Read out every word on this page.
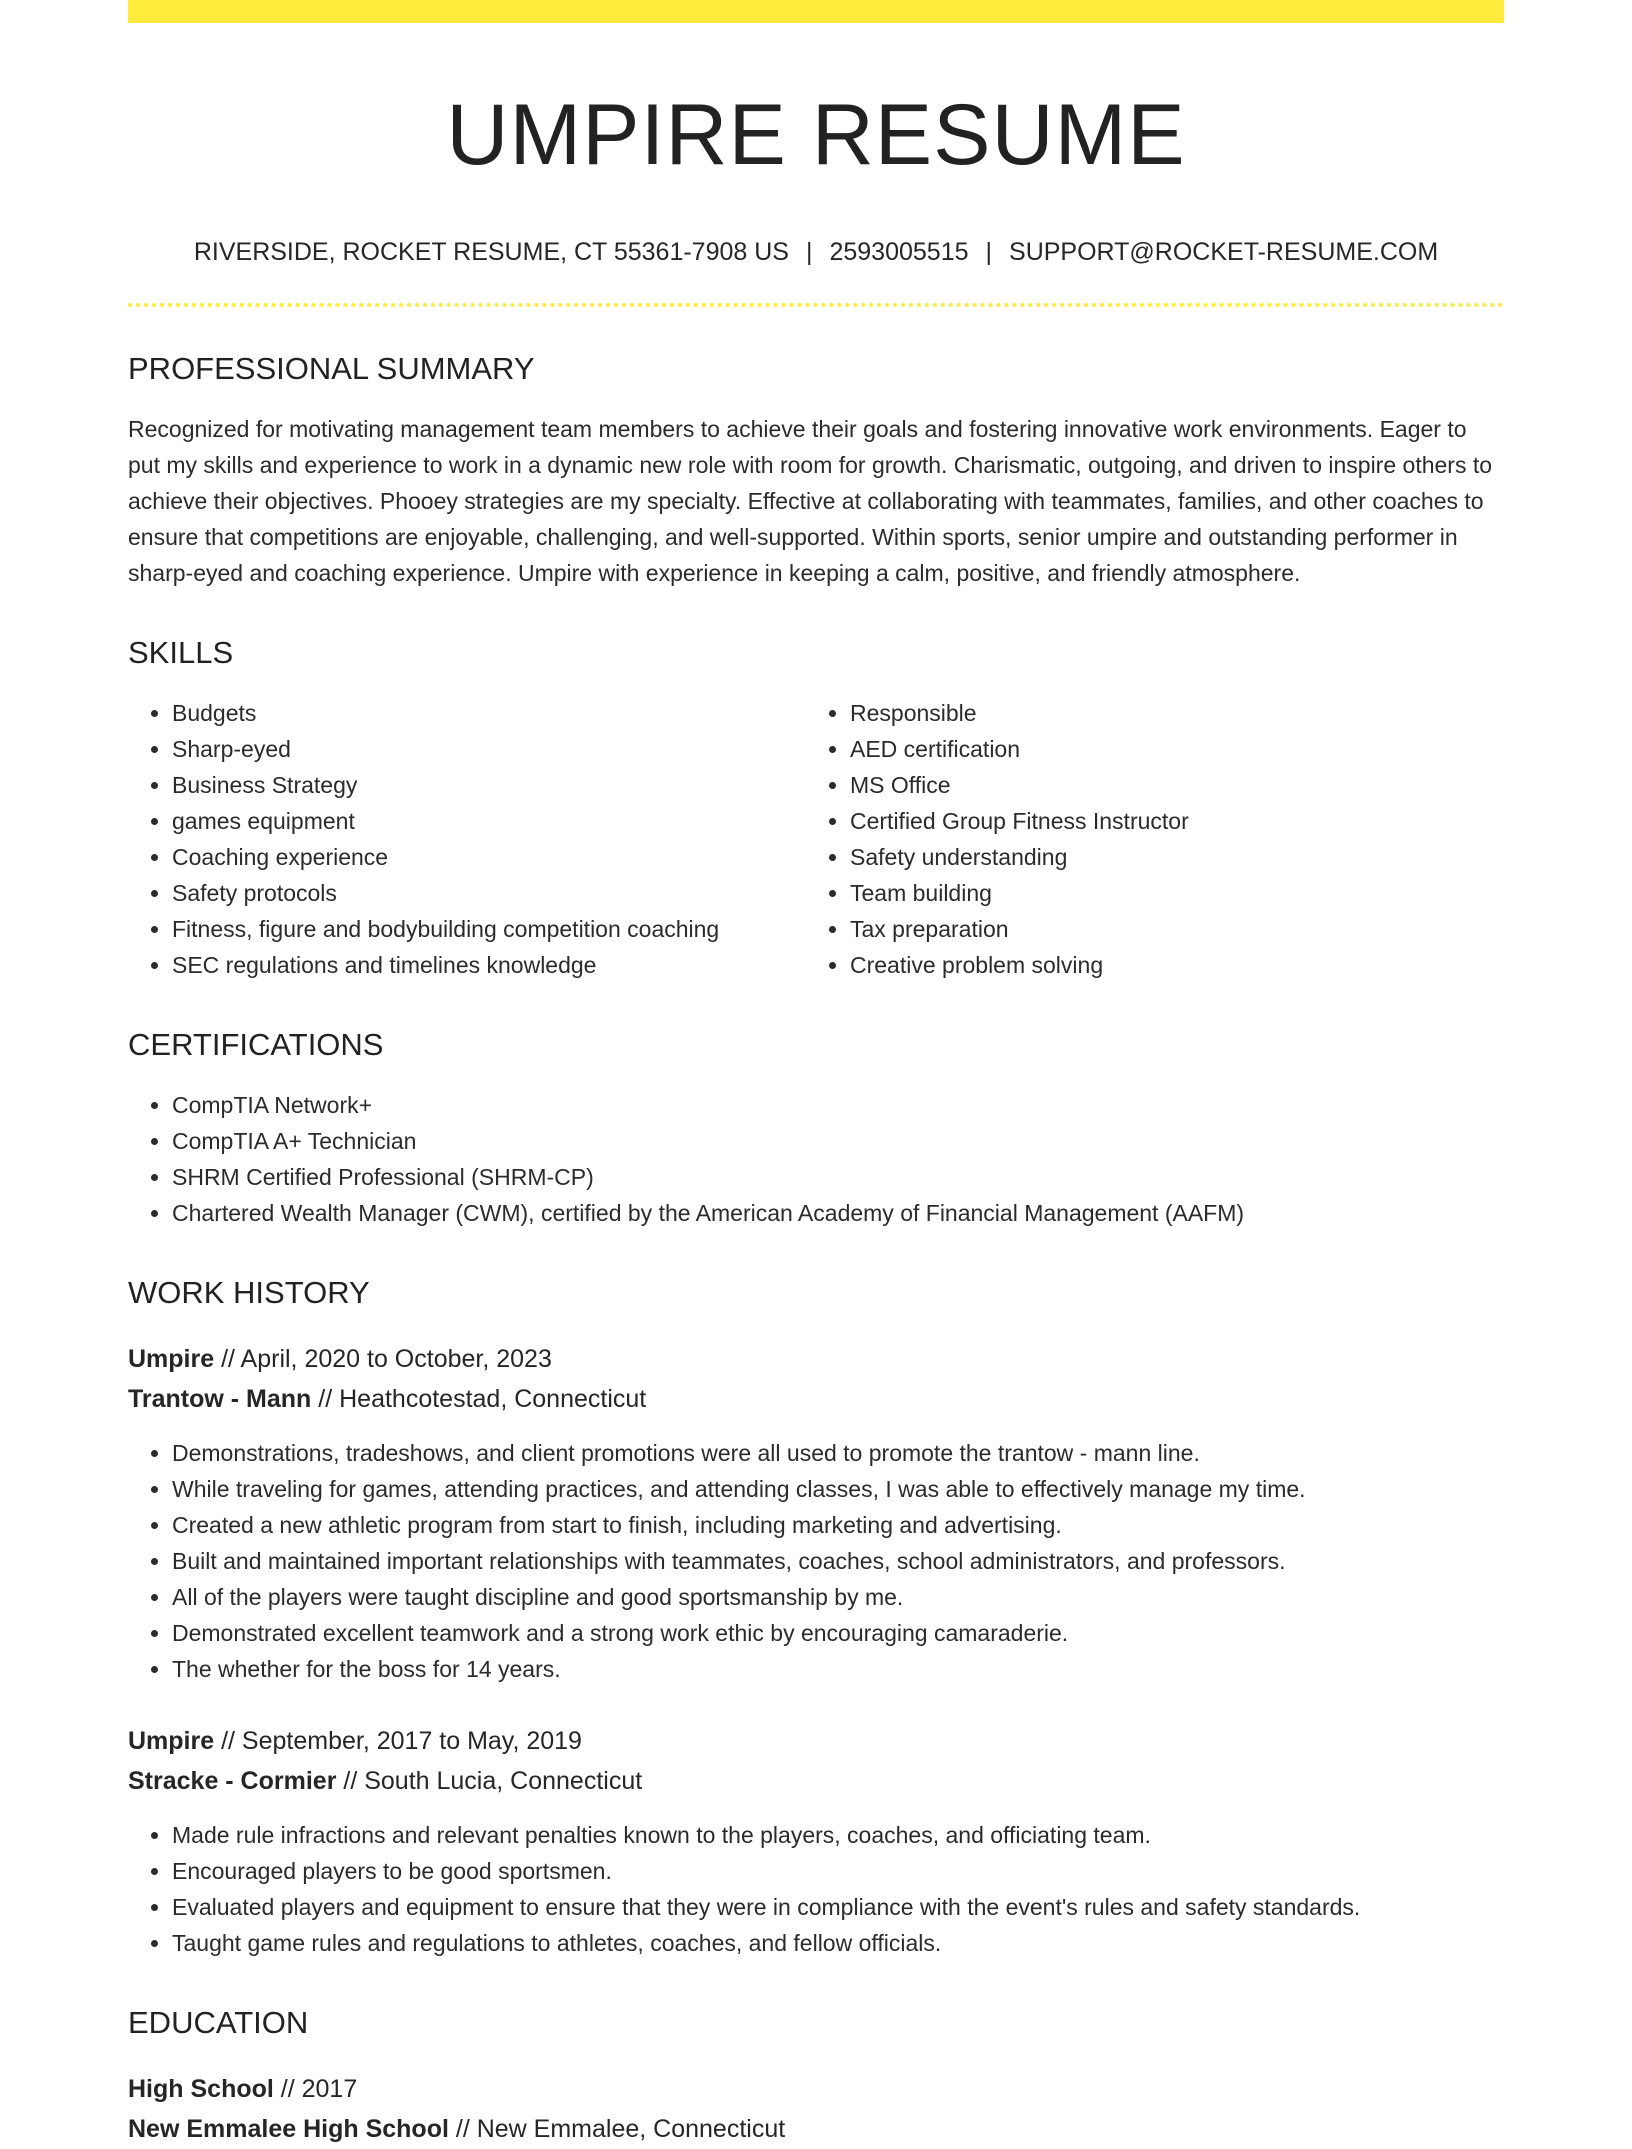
UMPIRE RESUME
RIVERSIDE, ROCKET RESUME, CT 55361-7908 US | 2593005515 | SUPPORT@ROCKET-RESUME.COM
PROFESSIONAL SUMMARY

Recognized for motivating management team members to achieve their goals and fostering innovative work environments. Eager to put my skills and experience to work in a dynamic new role with room for growth. Charismatic, outgoing, and driven to inspire others to achieve their objectives. Phooey strategies are my specialty. Effective at collaborating with teammates, families, and other coaches to ensure that competitions are enjoyable, challenging, and well-supported. Within sports, senior umpire and outstanding performer in sharp-eyed and coaching experience. Umpire with experience in keeping a calm, positive, and friendly atmosphere.

SKILLS
• Budgets
• Sharp-eyed
• Business Strategy
• games equipment
• Coaching experience
• Safety protocols
• Fitness, figure and bodybuilding competition coaching
• SEC regulations and timelines knowledge
• Responsible
• AED certification
• MS Office
• Certified Group Fitness Instructor
• Safety understanding
• Team building
• Tax preparation
• Creative problem solving
CERTIFICATIONS
• CompTIA Network+
• CompTIA A+ Technician
• SHRM Certified Professional (SHRM-CP)
• Chartered Wealth Manager (CWM), certified by the American Academy of Financial Management (AAFM)
WORK HISTORY
Umpire // April, 2020 to October, 2023
Trantow - Mann // Heathcotestad, Connecticut
• Demonstrations, tradeshows, and client promotions were all used to promote the trantow - mann line.
• While traveling for games, attending practices, and attending classes, I was able to effectively manage my time.
• Created a new athletic program from start to finish, including marketing and advertising.
• Built and maintained important relationships with teammates, coaches, school administrators, and professors.
• All of the players were taught discipline and good sportsmanship by me.
• Demonstrated excellent teamwork and a strong work ethic by encouraging camaraderie.
• The whether for the boss for 14 years.
Umpire // September, 2017 to May, 2019
Stracke - Cormier // South Lucia, Connecticut
• Made rule infractions and relevant penalties known to the players, coaches, and officiating team.
• Encouraged players to be good sportsmen.
• Evaluated players and equipment to ensure that they were in compliance with the event's rules and safety standards.
• Taught game rules and regulations to athletes, coaches, and fellow officials.
EDUCATION
High School // 2017
New Emmalee High School // New Emmalee, Connecticut
